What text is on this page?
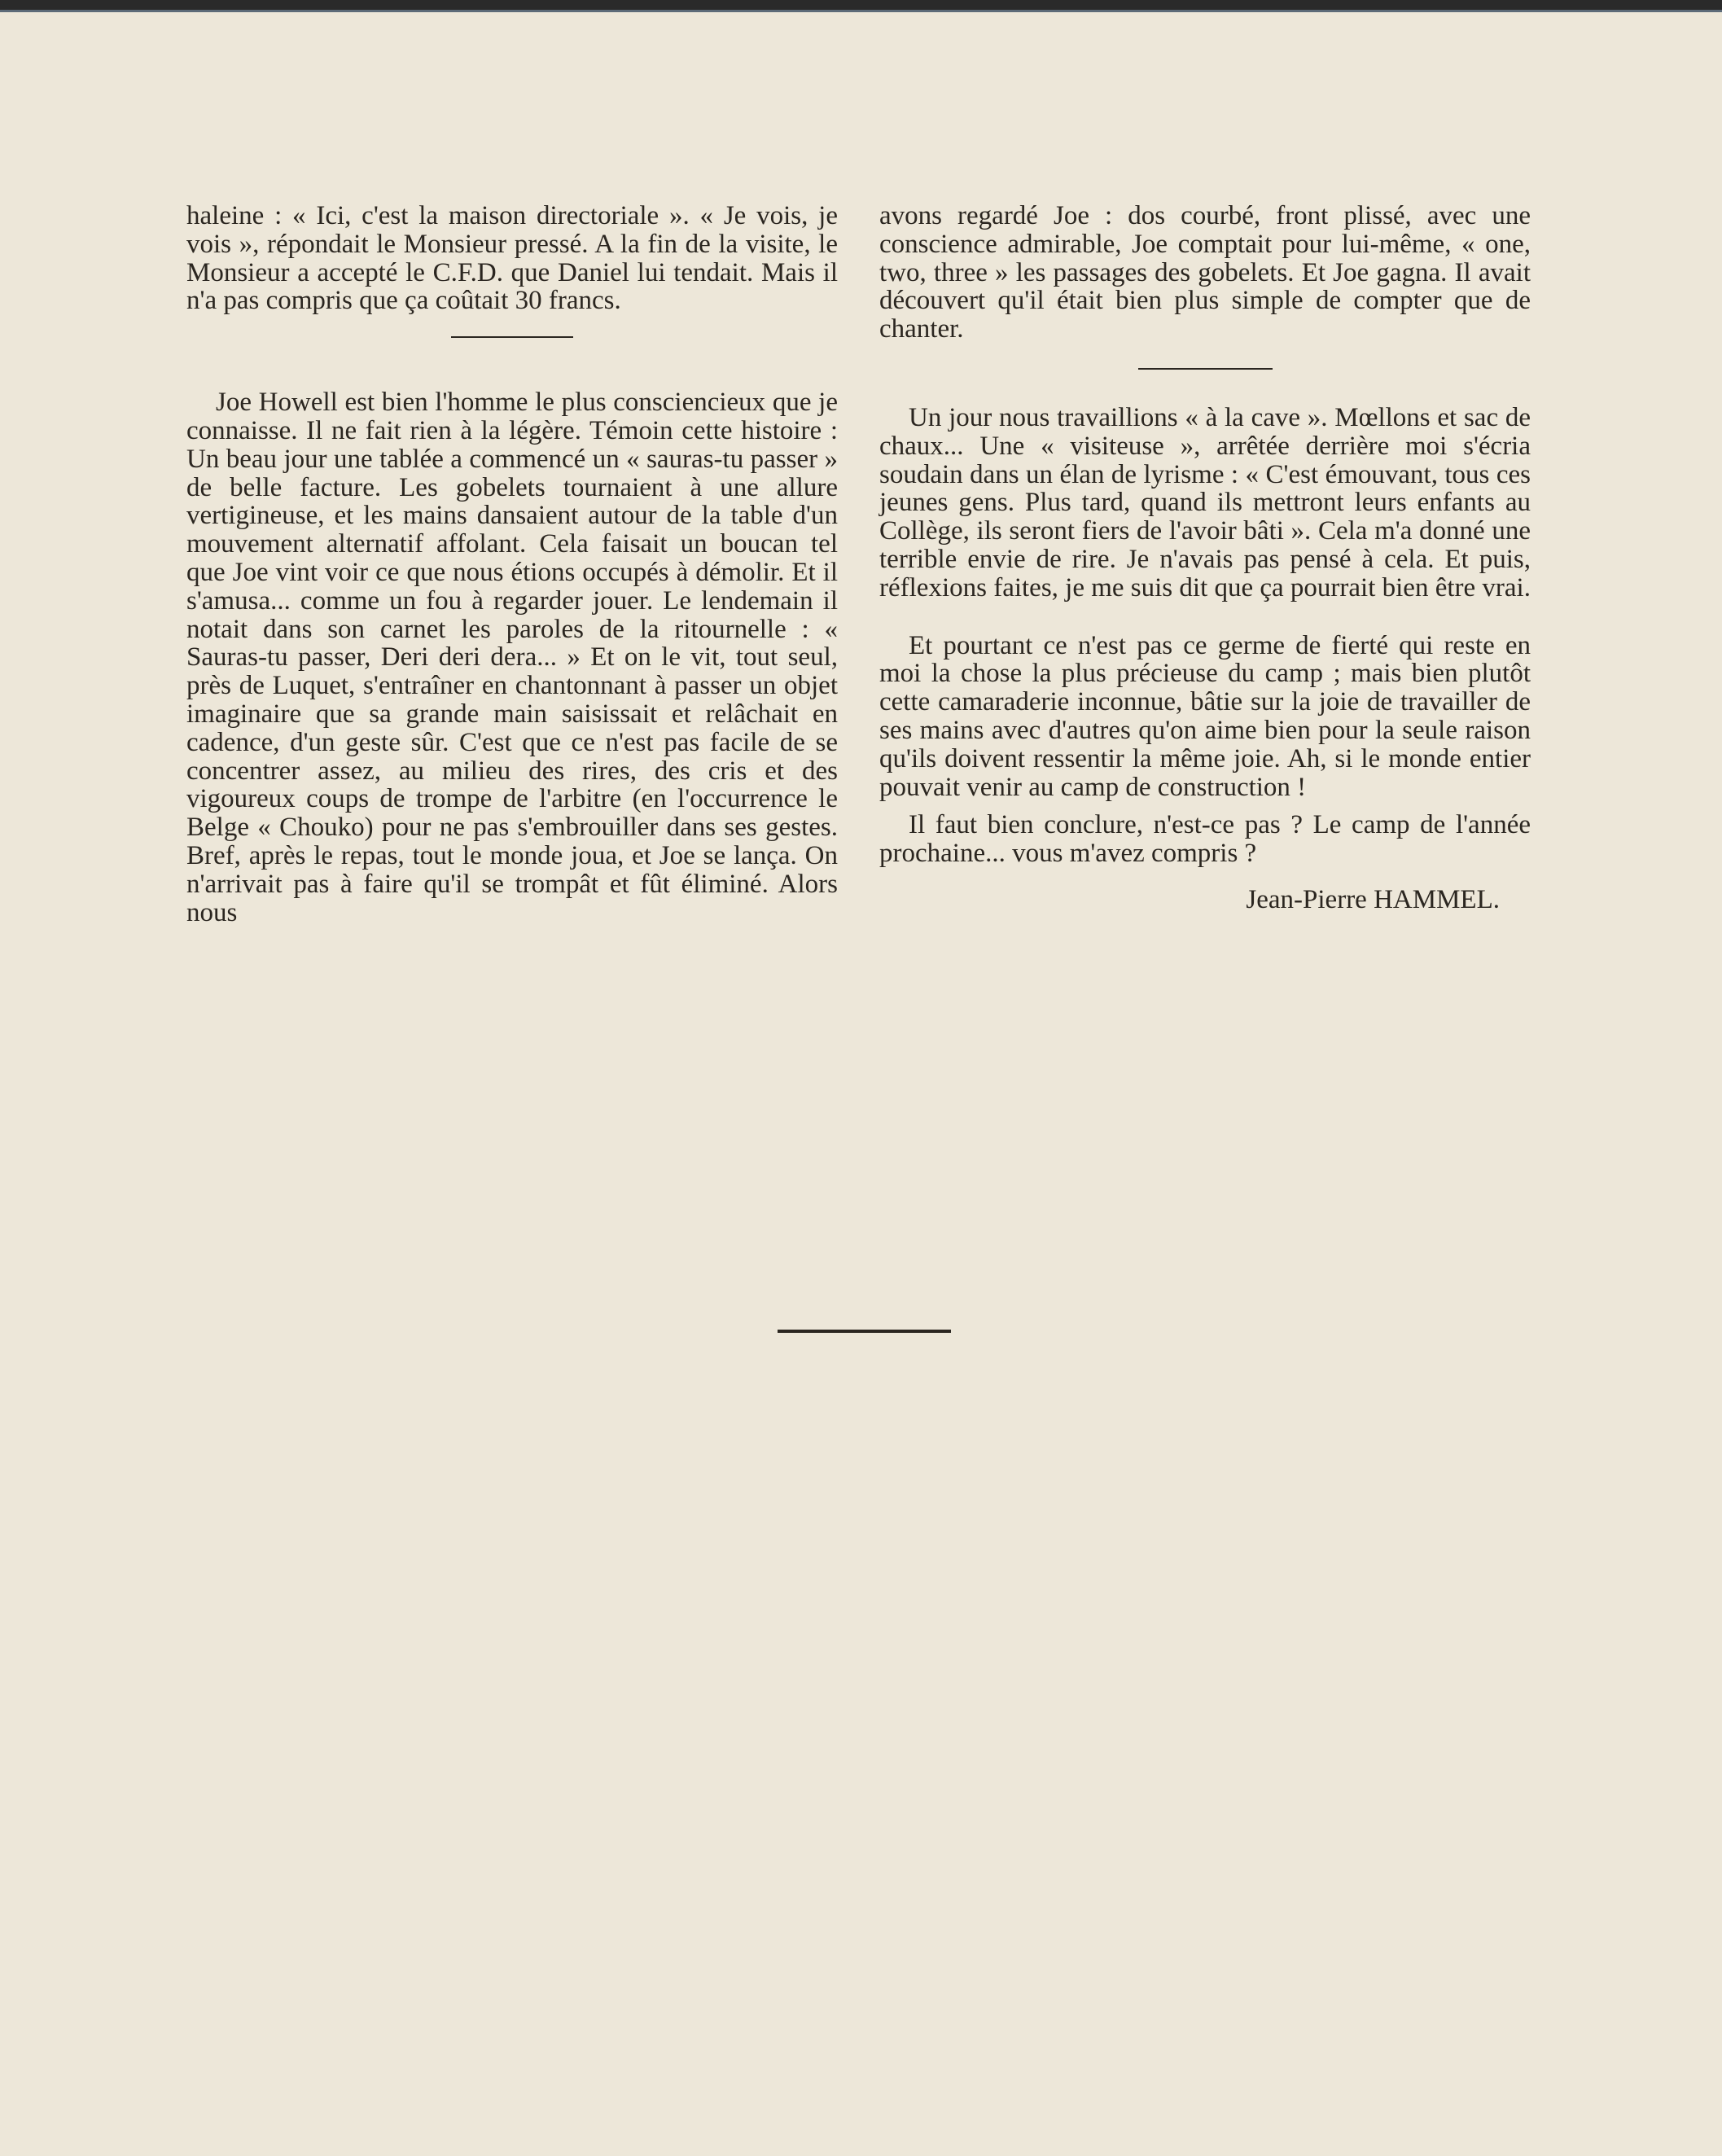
haleine : « Ici, c'est la maison directoriale ». « Je vois, je vois », répondait le Monsieur pressé. A la fin de la visite, le Monsieur a accepté le C.F.D. que Daniel lui tendait. Mais il n'a pas compris que ça coûtait 30 francs.

Joe Howell est bien l'homme le plus consciencieux que je connaisse. Il ne fait rien à la légère. Témoin cette histoire : Un beau jour une tablée a commencé un « sauras-tu passer » de belle facture. Les gobelets tournaient à une allure vertigineuse, et les mains dansaient autour de la table d'un mouvement alternatif affolant. Cela faisait un boucan tel que Joe vint voir ce que nous étions occupés à démolir. Et il s'amusa... comme un fou à regarder jouer. Le lendemain il notait dans son carnet les paroles de la ritournelle : « Sauras-tu passer, Deri deri dera... » Et on le vit, tout seul, près de Luquet, s'entraîner en chantonnant à passer un objet imaginaire que sa grande main saisissait et relâchait en cadence, d'un geste sûr. C'est que ce n'est pas facile de se concentrer assez, au milieu des rires, des cris et des vigoureux coups de trompe de l'arbitre (en l'occurrence le Belge « Chouko) pour ne pas s'embrouiller dans ses gestes. Bref, après le repas, tout le monde joua, et Joe se lança. On n'arrivait pas à faire qu'il se trompât et fût éliminé. Alors nous

avons regardé Joe : dos courbé, front plissé, avec une conscience admirable, Joe comptait pour lui-même, « one, two, three » les passages des gobelets. Et Joe gagna. Il avait découvert qu'il était bien plus simple de compter que de chanter.

Un jour nous travaillions « à la cave ». Mœllons et sac de chaux... Une « visiteuse », arrêtée derrière moi s'écria soudain dans un élan de lyrisme : « C'est émouvant, tous ces jeunes gens. Plus tard, quand ils mettront leurs enfants au Collège, ils seront fiers de l'avoir bâti ». Cela m'a donné une terrible envie de rire. Je n'avais pas pensé à cela. Et puis, réflexions faites, je me suis dit que ça pourrait bien être vrai.

Et pourtant ce n'est pas ce germe de fierté qui reste en moi la chose la plus précieuse du camp ; mais bien plutôt cette camaraderie inconnue, bâtie sur la joie de travailler de ses mains avec d'autres qu'on aime bien pour la seule raison qu'ils doivent ressentir la même joie. Ah, si le monde entier pouvait venir au camp de construction !

Il faut bien conclure, n'est-ce pas ? Le camp de l'année prochaine... vous m'avez compris ?

Jean-Pierre HAMMEL.
